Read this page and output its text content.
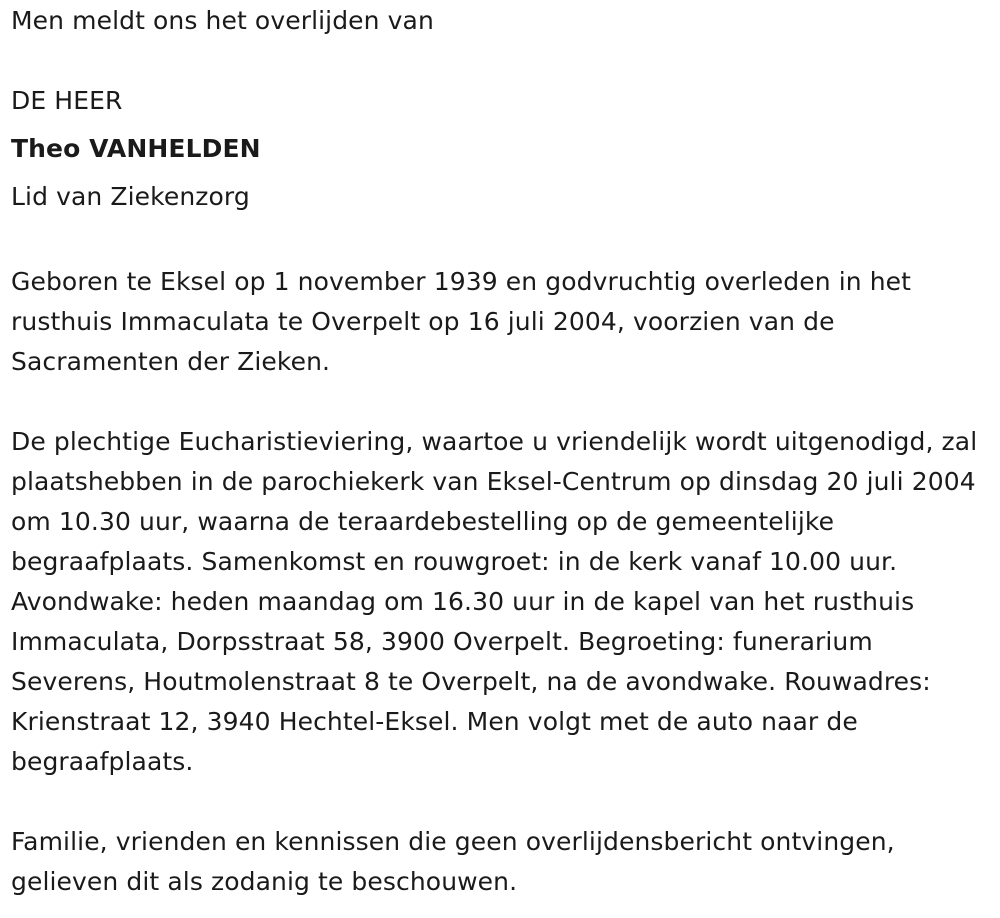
Men meldt ons het overlijden van

DE HEER

Theo VANHELDEN

Lid van Ziekenzorg

Geboren te Eksel op 1 november 1939 en godvruchtig overleden in het rusthuis Immaculata te Overpelt op 16 juli 2004, voorzien van de Sacramenten der Zieken.

De plechtige Eucharistieviering, waartoe u vriendelijk wordt uitgenodigd, zal plaatshebben in de parochiekerk van Eksel-Centrum op dinsdag 20 juli 2004 om 10.30 uur, waarna de teraardebestelling op de gemeentelijke begraafplaats. Samenkomst en rouwgroet: in de kerk vanaf 10.00 uur. Avondwake: heden maandag om 16.30 uur in de kapel van het rusthuis Immaculata, Dorpsstraat 58, 3900 Overpelt. Begroeting: funerarium Severens, Houtmolenstraat 8 te Overpelt, na de avondwake. Rouwadres: Krienstraat 12, 3940 Hechtel-Eksel. Men volgt met de auto naar de begraafplaats.

Familie, vrienden en kennissen die geen overlijdensbericht ontvingen, gelieven dit als zodanig te beschouwen.
